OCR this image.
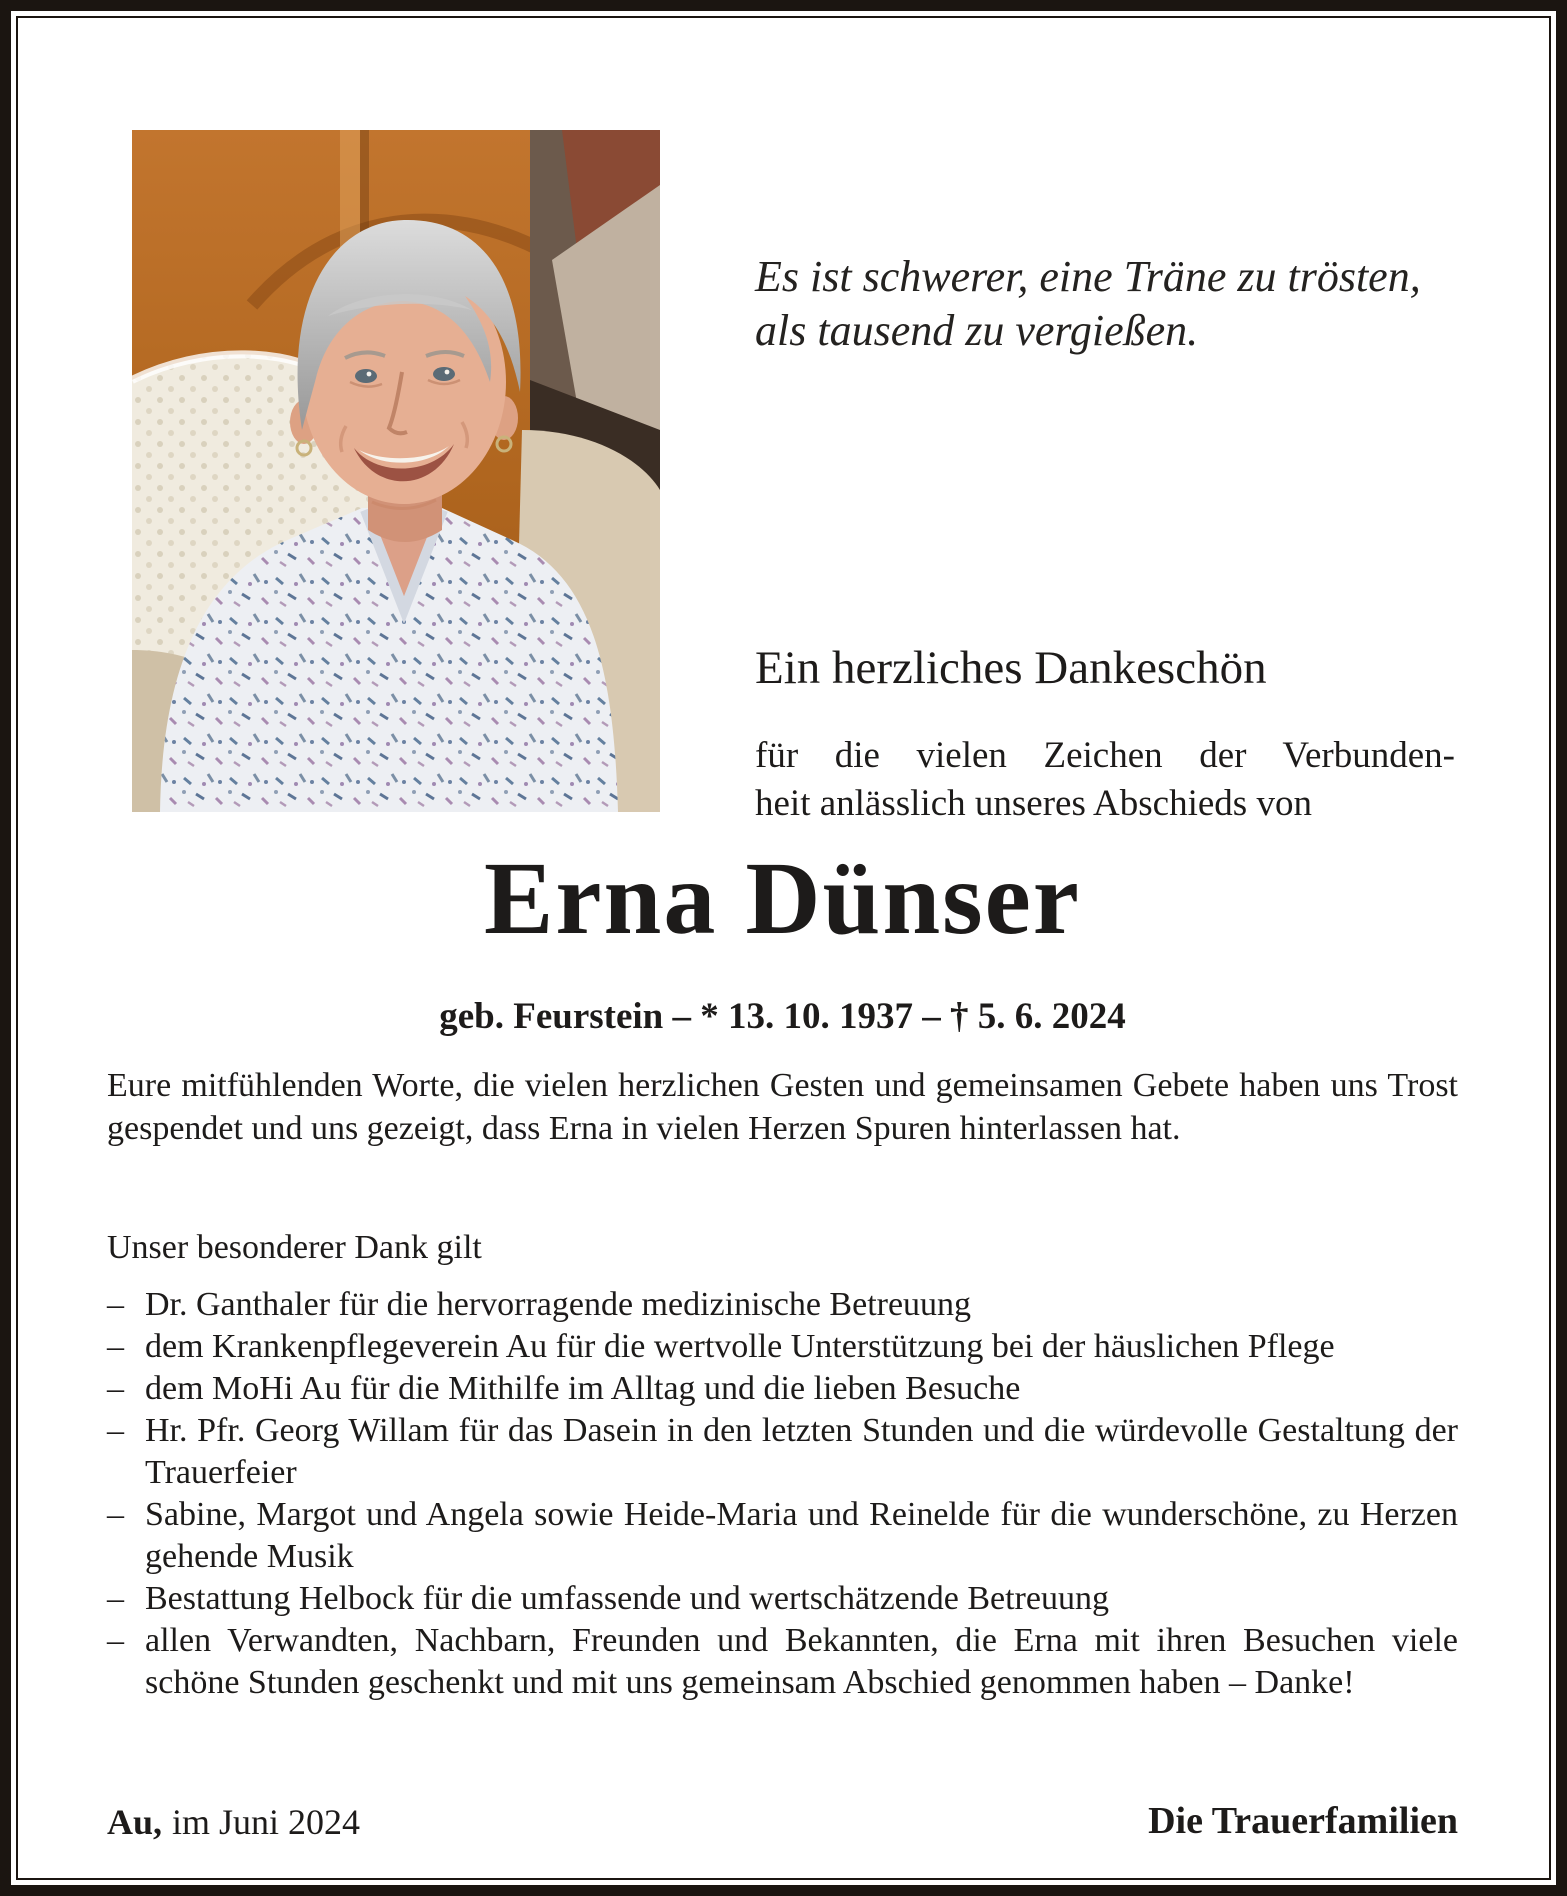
Es ist schwerer, eine Träne zu trösten,
als tausend zu vergießen.
Ein herzliches Dankeschön
für die vielen Zeichen der Verbunden-
heit anlässlich unseres Abschieds von
Erna Dünser
geb. Feurstein – * 13. 10. 1937 – † 5. 6. 2024
Eure mitfühlenden Worte, die vielen herzlichen Gesten und gemeinsamen Gebete haben uns Trost gespendet und uns gezeigt, dass Erna in vielen Herzen Spuren hinterlassen hat.
Unser besonderer Dank gilt
– Dr. Ganthaler für die hervorragende medizinische Betreuung
– dem Krankenpflegeverein Au für die wertvolle Unterstützung bei der häuslichen Pflege
– dem MoHi Au für die Mithilfe im Alltag und die lieben Besuche
– Hr. Pfr. Georg Willam für das Dasein in den letzten Stunden und die würdevolle Gestaltung der Trauerfeier
– Sabine, Margot und Angela sowie Heide-Maria und Reinelde für die wunderschöne, zu Herzen gehende Musik
– Bestattung Helbock für die umfassende und wertschätzende Betreuung
– allen Verwandten, Nachbarn, Freunden und Bekannten, die Erna mit ihren Besuchen viele schöne Stunden geschenkt und mit uns gemeinsam Abschied genommen haben – Danke!
Au, im Juni 2024	Die Trauerfamilien
